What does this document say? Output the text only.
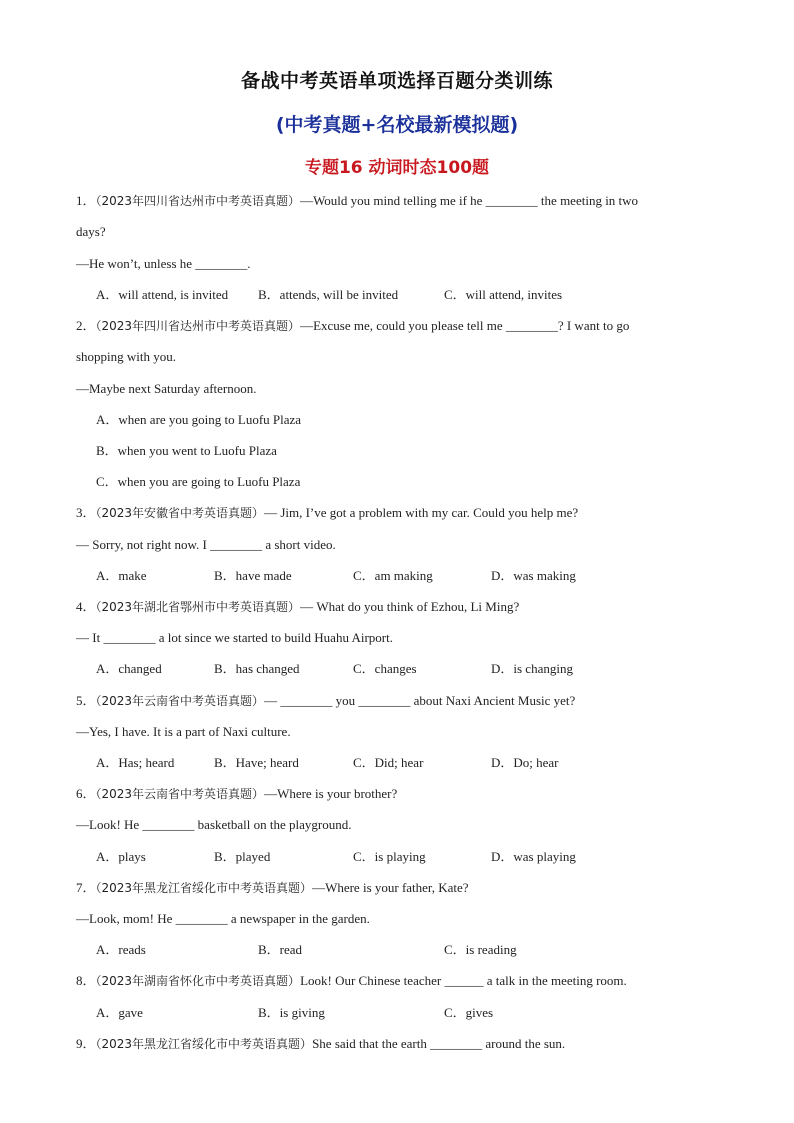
备战中考英语单项选择百题分类训练
(中考真题+名校最新模拟题)
专题16 动词时态100题
1．（2023年四川省达州市中考英语真题）—Would you mind telling me if he ________ the meeting in two
days?
—He won’t, unless he ________.
A．will attend, is invited B．attends, will be invited	C．will attend, invites
2．（2023年四川省达州市中考英语真题）—Excuse me, could you please tell me ________? I want to go
shopping with you.
—Maybe next Saturday afternoon.
A．when are you going to Luofu Plaza
B．when you went to Luofu Plaza
C．when you are going to Luofu Plaza
3．（2023年安徽省中考英语真题）— Jim, I’ve got a problem with my car. Could you help me?
— Sorry, not right now. I ________ a short video.
A．make	B．have made	C．am making	D．was making
4．（2023年湖北省鄂州市中考英语真题）— What do you think of Ezhou, Li Ming?
— It ________ a lot since we started to build Huahu Airport.
A．changed	B．has changed	C．changes	D．is changing
5．（2023年云南省中考英语真题）— ________ you ________ about Naxi Ancient Music yet?
—Yes, I have. It is a part of Naxi culture.
A．Has; heard	B．Have; heard	C．Did; hear	D．Do; hear
6．（2023年云南省中考英语真题）—Where is your brother?
—Look! He ________ basketball on the playground.
A．plays	B．played	C．is playing	D．was playing
7．（2023年黑龙江省绥化市中考英语真题）—Where is your father, Kate?
—Look, mom! He ________ a newspaper in the garden.
A．reads	B．read	C．is reading
8．（2023年湖南省怀化市中考英语真题）Look! Our Chinese teacher ______ a talk in the meeting room.
A．gave	B．is giving	C．gives
9．（2023年黑龙江省绥化市中考英语真题）She said that the earth ________ around the sun.
